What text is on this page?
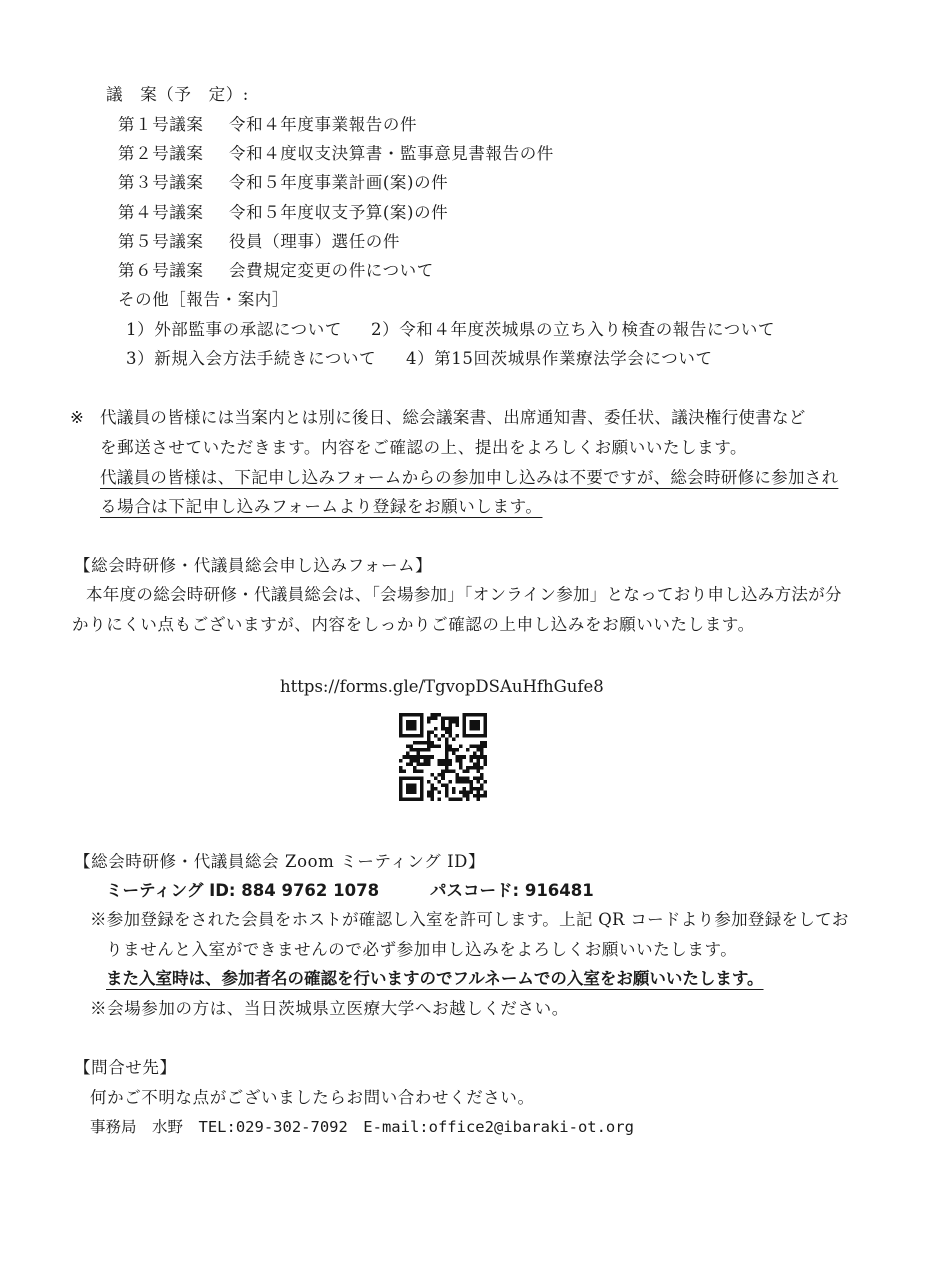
議　案（予　定）:
第１号議案 令和４年度事業報告の件
第２号議案 令和４度収支決算書・監事意見書報告の件
第３号議案 令和５年度事業計画(案)の件
第４号議案 令和５年度収支予算(案)の件
第５号議案 役員（理事）選任の件
第６号議案 会費規定変更の件について
その他［報告・案内］
1）外部監事の承認について 2）令和４年度茨城県の立ち入り検査の報告について
3）新規入会方法手続きについて 4）第15回茨城県作業療法学会について
※ 代議員の皆様には当案内とは別に後日、総会議案書、出席通知書、委任状、議決権行使書など
を郵送させていただきます。内容をご確認の上、提出をよろしくお願いいたします。
代議員の皆様は、下記申し込みフォームからの参加申し込みは不要ですが、総会時研修に参加され
る場合は下記申し込みフォームより登録をお願いします。
【総会時研修・代議員総会申し込みフォーム】
本年度の総会時研修・代議員総会は、「会場参加」「オンライン参加」となっており申し込み方法が分
かりにくい点もございますが、内容をしっかりご確認の上申し込みをお願いいたします。
https://forms.gle/TgvopDSAuHfhGufe8
【総会時研修・代議員総会 Zoom ミーティング ID】
ミーティング ID: 884 9762 1078	パスコード: 916481
※参加登録をされた会員をホストが確認し入室を許可します。上記 QR コードより参加登録をしてお
りませんと入室ができませんので必ず参加申し込みをよろしくお願いいたします。
また入室時は、参加者名の確認を行いますのでフルネームでの入室をお願いいたします。
※会場参加の方は、当日茨城県立医療大学へお越しください。
【問合せ先】
何かご不明な点がございましたらお問い合わせください。
事務局　水野　TEL:029-302-7092　E-mail:office2@ibaraki-ot.org
